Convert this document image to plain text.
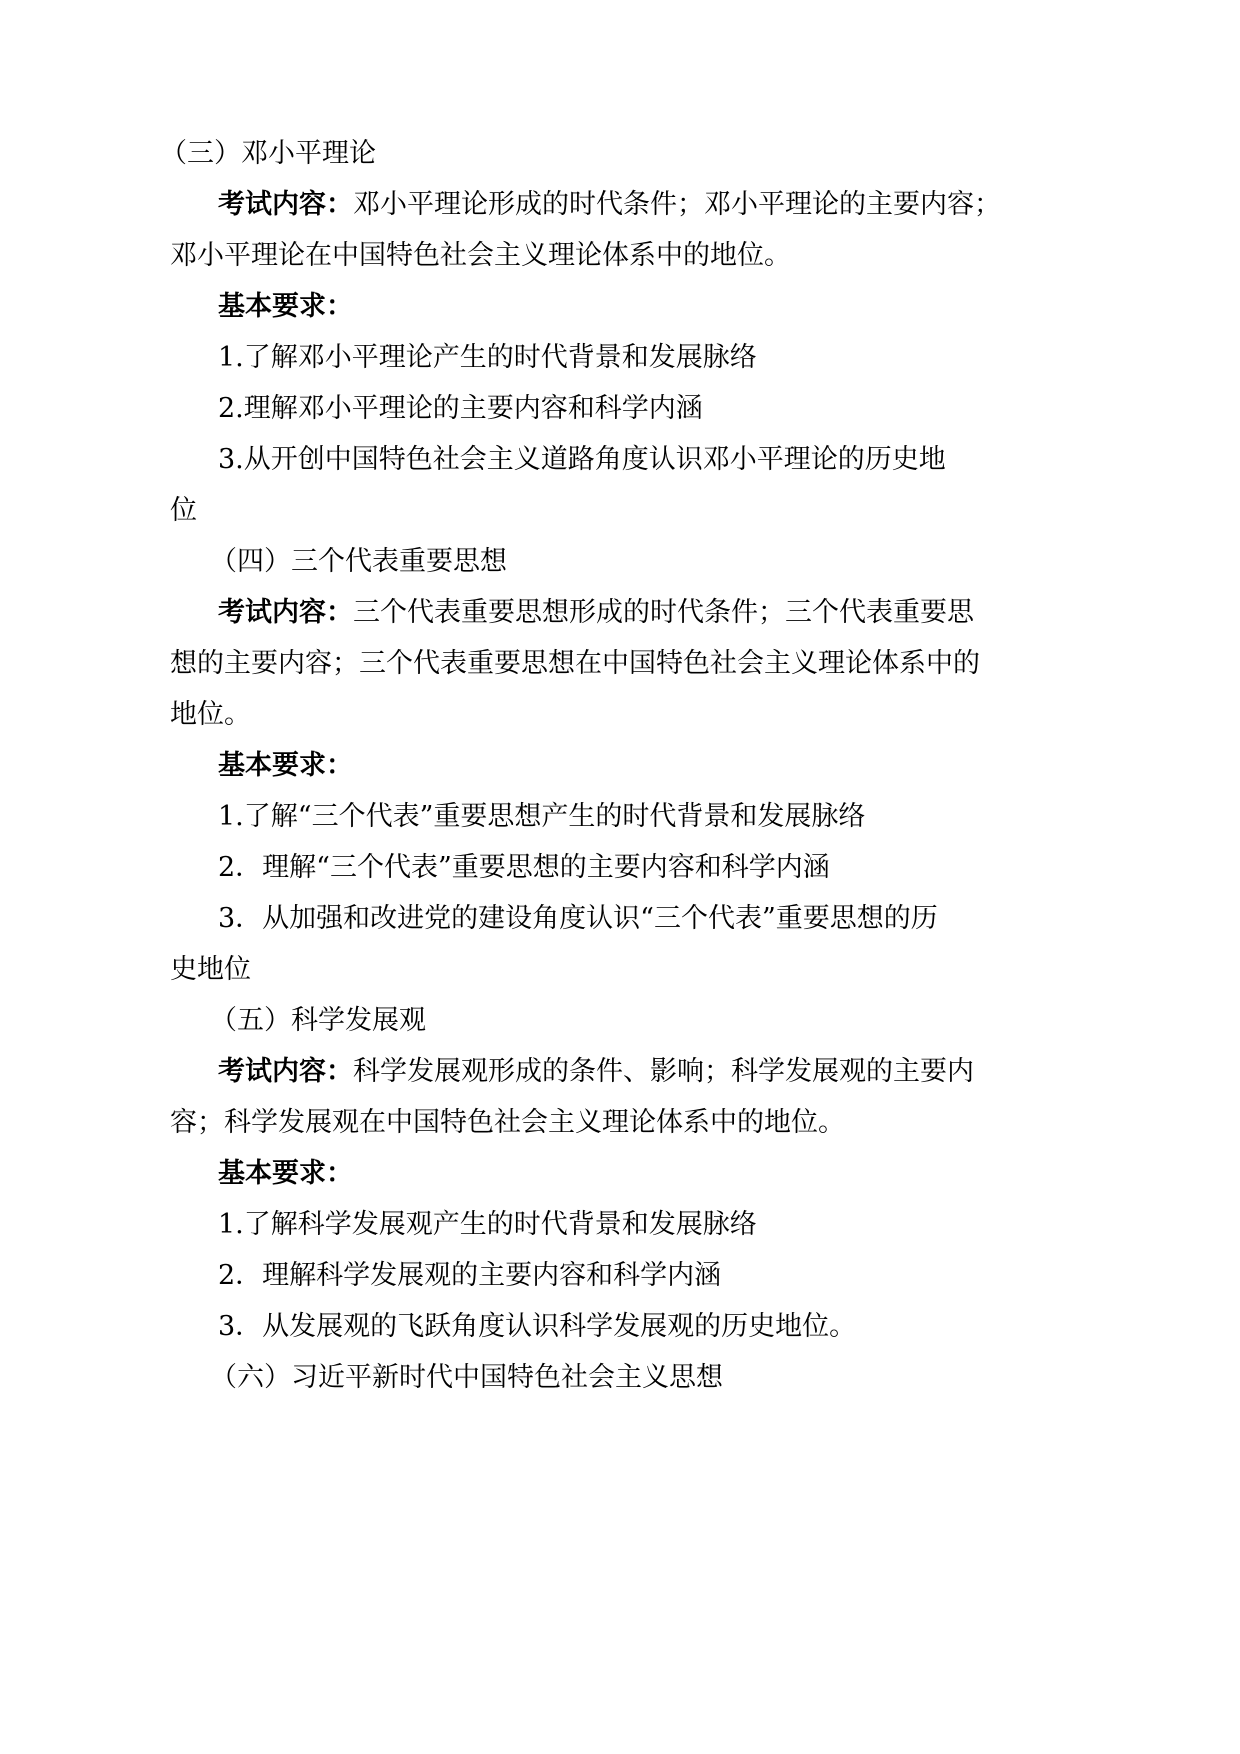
（三）邓小平理论
考试内容：邓小平理论形成的时代条件；邓小平理论的主要内容；
邓小平理论在中国特色社会主义理论体系中的地位。
基本要求：
1.了解邓小平理论产生的时代背景和发展脉络
2.理解邓小平理论的主要内容和科学内涵
3.从开创中国特色社会主义道路角度认识邓小平理论的历史地
位
（四）三个代表重要思想
考试内容：三个代表重要思想形成的时代条件；三个代表重要思
想的主要内容；三个代表重要思想在中国特色社会主义理论体系中的
地位。
基本要求：
1.了解“三个代表”重要思想产生的时代背景和发展脉络
2．理解“三个代表”重要思想的主要内容和科学内涵
3．从加强和改进党的建设角度认识“三个代表”重要思想的历
史地位
（五）科学发展观
考试内容：科学发展观形成的条件、影响；科学发展观的主要内
容；科学发展观在中国特色社会主义理论体系中的地位。
基本要求：
1.了解科学发展观产生的时代背景和发展脉络
2．理解科学发展观的主要内容和科学内涵
3．从发展观的飞跃角度认识科学发展观的历史地位。
（六）习近平新时代中国特色社会主义思想
